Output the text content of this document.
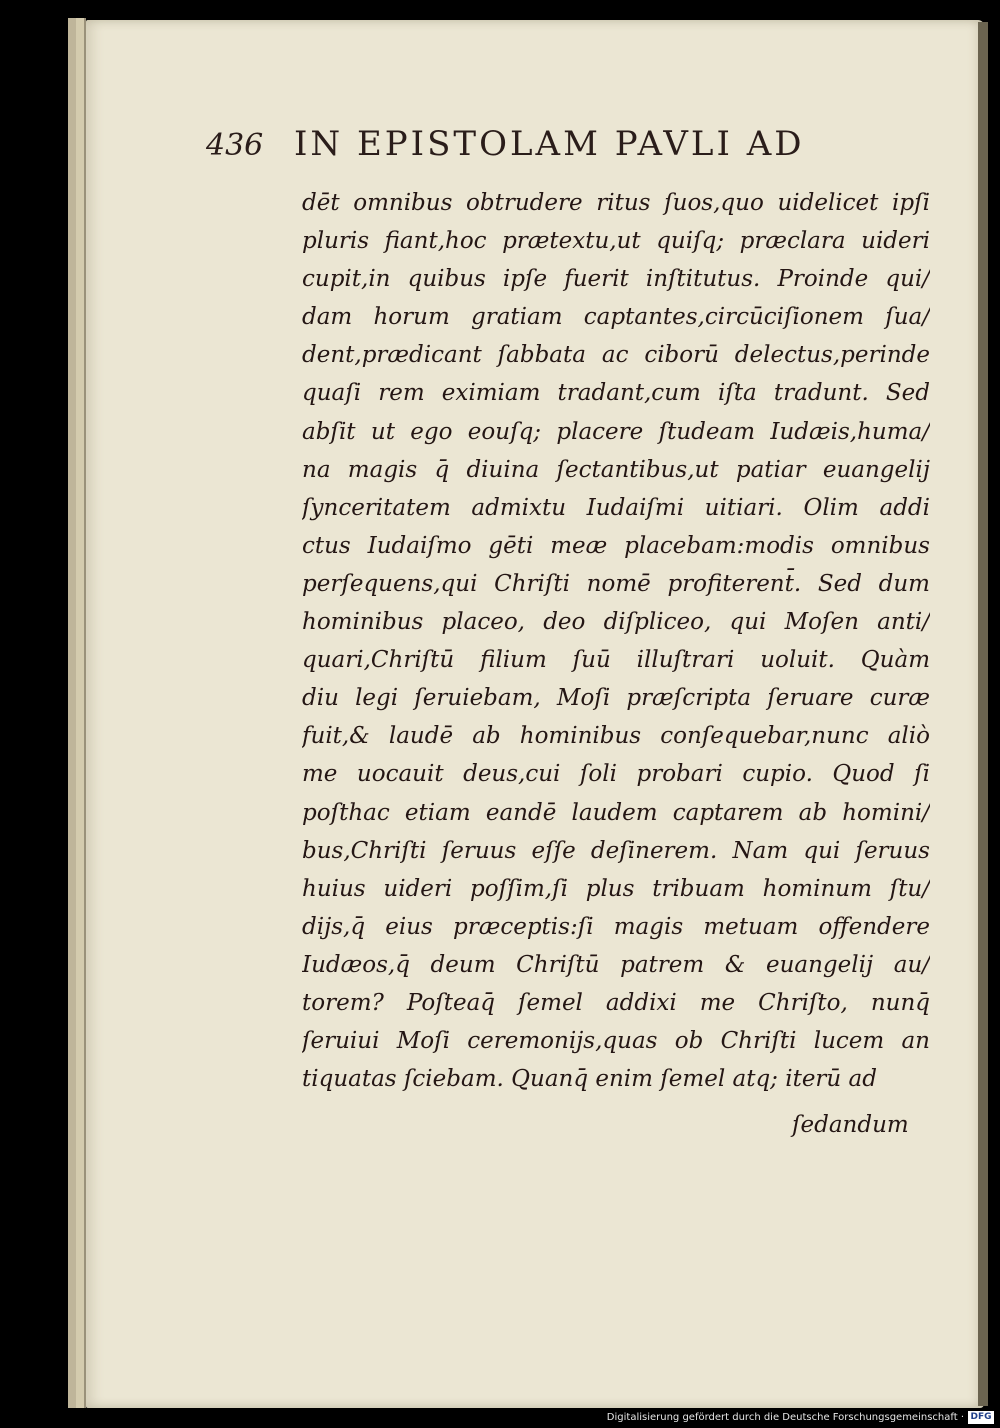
436 IN EPISTOLAM PAVLI AD
dēt omnibus obtrudere ritus ſuos,quo uidelicet ipſi
pluris fiant,hoc prætextu,ut quiſq; præclara uideri
cupit,in quibus ipſe fuerit inſtitutus. Proinde qui/
dam horum gratiam captantes,circūciſionem ſua/
dent,prædicant ſabbata ac ciborū delectus,perinde
quaſi rem eximiam tradant,cum iſta tradunt. Sed
abſit ut ego eouſq; placere ſtudeam Iudæis,huma/
na magis q̄ diuina ſectantibus,ut patiar euangelij
ſynceritatem admixtu Iudaiſmi uitiari. Olim addi
ctus Iudaiſmo gēti meæ placebam:modis omnibus
perſequens,qui Chriſti nomē profiterent̄. Sed dum
hominibus placeo, deo diſpliceo, qui Moſen anti/
quari,Chriſtū filium ſuū illuſtrari uoluit. Quàm
diu legi ſeruiebam, Moſi præſcripta ſeruare curæ
fuit,& laudē ab hominibus conſequebar,nunc aliò
me uocauit deus,cui ſoli probari cupio. Quod ſi
poſthac etiam eandē laudem captarem ab homini/
bus,Chriſti ſeruus eſſe deſinerem. Nam qui ſeruus
huius uideri poſſim,ſi plus tribuam hominum ſtu/
dijs,q̄ eius præceptis:ſi magis metuam offendere
Iudæos,q̄ deum Chriſtū patrem & euangelij au/
torem? Poſteaq̄ ſemel addixi me Chriſto, nunq̄
ſeruiui Moſi ceremonijs,quas ob Chriſti lucem an
tiquatas ſciebam. Quanq̄ enim ſemel atq; iterū ad
ſedandum
Digitalisierung gefördert durch die Deutsche Forschungsgemeinschaft · DFG
